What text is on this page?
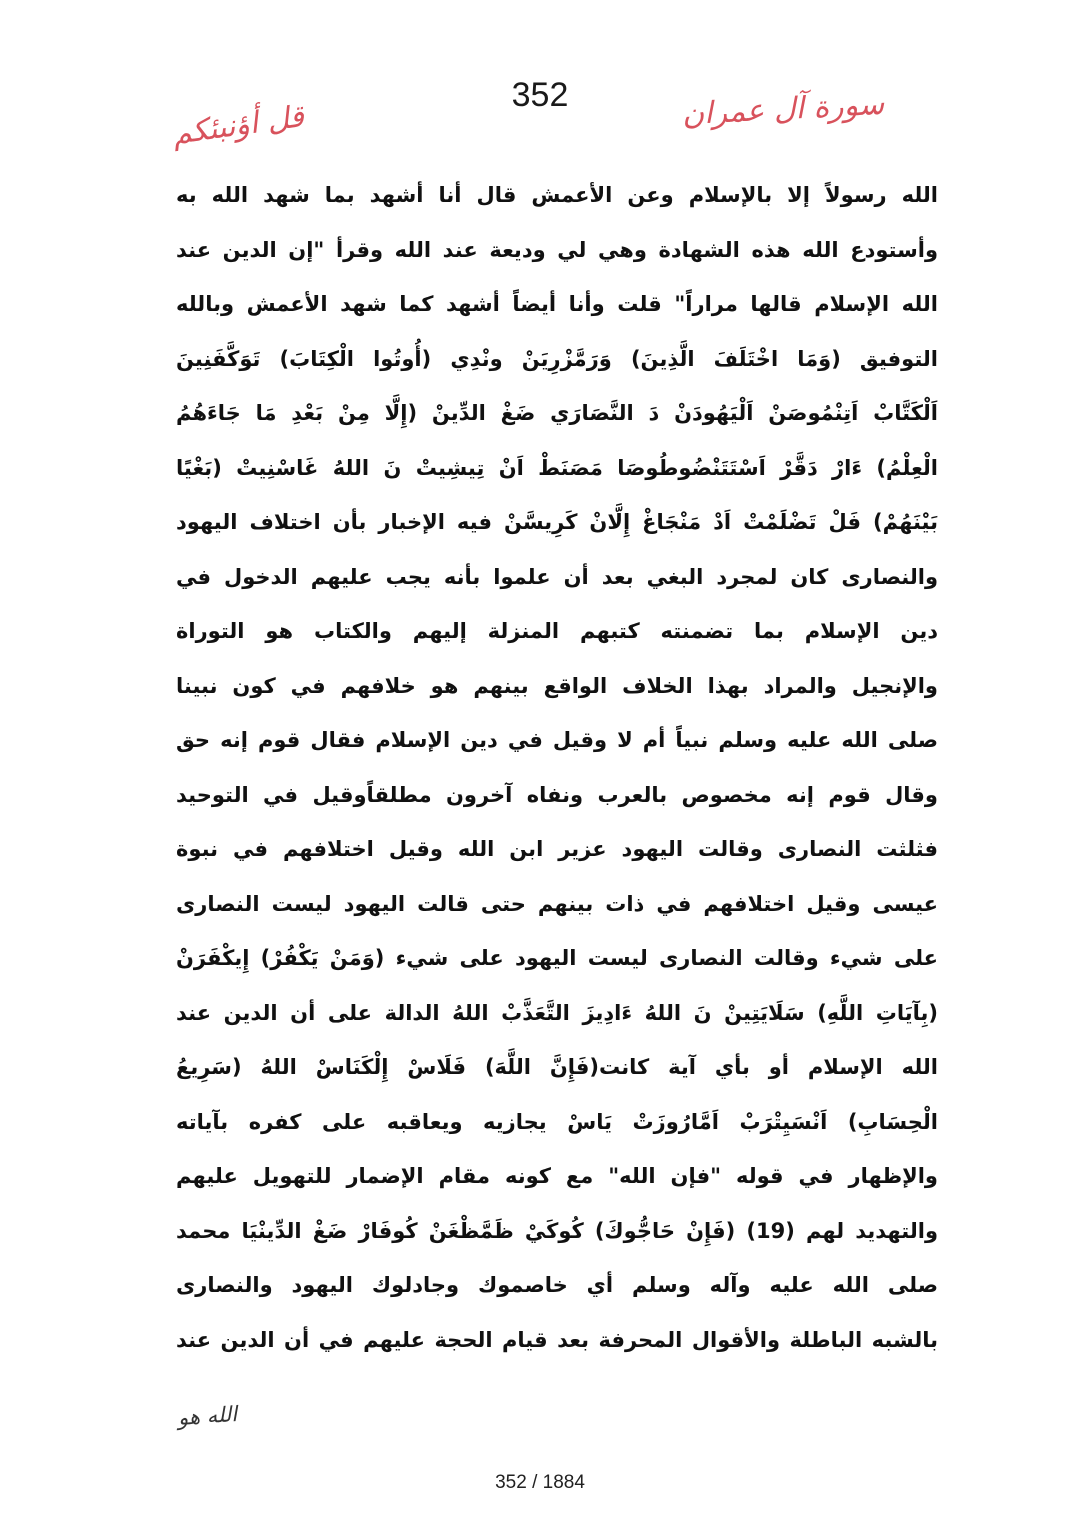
352	سورة آل عمران
قل أؤنبئكم
الله رسولاً إلا بالإسلام وعن الأعمش قال أنا أشهد بما شهد الله به
وأستودع الله هذه الشهادة وهي لي وديعة عند الله وقرأ "إن الدين عند
الله الإسلام قالها مراراً" قلت وأنا أيضاً أشهد كما شهد الأعمش وبالله
التوفيق (وَمَا اخْتَلَفَ الَّذِينَ) وَرَمَّزْرِيَنْ ونْدِي (أُوتُوا الْكِتَابَ) تَوَكَّفَنِينَ
اَلْكَتَّابْ اَتِنْمُوصَنْ اَلْيَهُودَنْ دَ النَّصَارَي ضَغْ الدِّينْ (إِلَّا مِنْ بَعْدِ مَا جَاءَهُمُ
الْعِلْمُ) ءَارْ دَقَّرْ اَسْتَتَنْضُوطُوصَا مَصَنَطْ اَنْ تِيشِيتْ نَ اللهُ غَاسْنِيتْ (بَغْيًا
بَيْنَهُمْ) فَلْ تَضْلَمْتْ اَدْ مَنْجَاغْ إِلَّانْ كَرِيسَّنْ فيه الإخبار بأن اختلاف اليهود
والنصارى كان لمجرد البغي بعد أن علموا بأنه يجب عليهم الدخول في
دين الإسلام بما تضمنته كتبهم المنزلة إليهم والكتاب هو التوراة
والإنجيل والمراد بهذا الخلاف الواقع بينهم هو خلافهم في كون نبينا
صلى الله عليه وسلم نبياً أم لا وقيل في دين الإسلام فقال قوم إنه حق
وقال قوم إنه مخصوص بالعرب ونفاه آخرون مطلقاًوقيل في التوحيد
فثلثت النصارى وقالت اليهود عزير ابن الله وقيل اختلافهم في نبوة
عيسى وقيل اختلافهم في ذات بينهم حتى قالت اليهود ليست النصارى
على شيء وقالت النصارى ليست اليهود على شيء (وَمَنْ يَكْفُرْ) إِيكْفَرَنْ
(بِآيَاتِ اللَّهِ) سَلَايَتِينْ نَ اللهُ ءَادِيزَ التَّعَذَّبْ اللهُ الدالة على أن الدين عند
الله الإسلام أو بأي آية كانت(فَإِنَّ اللَّهَ) فَلَاسْ إِلْكَنَاسْ اللهُ (سَرِيعُ
الْحِسَابِ) اَنْسَيِتْرَبْ اَمَّارُوزَتْ يَاسْ يجازيه ويعاقبه على كفره بآياته
والإظهار في قوله "فإن الله" مع كونه مقام الإضمار للتهويل عليهم
والتهديد لهم (19) (فَإِنْ حَاجُّوكَ) كُوكَيْ ظَمَّظْغَنْ كُوفَارْ ضَغْ الدِّينْيَا محمد
صلى الله عليه وآله وسلم أي خاصموك وجادلوك اليهود والنصارى
بالشبه الباطلة والأقوال المحرفة بعد قيام الحجة عليهم في أن الدين عند
الله هو
352 / 1884
